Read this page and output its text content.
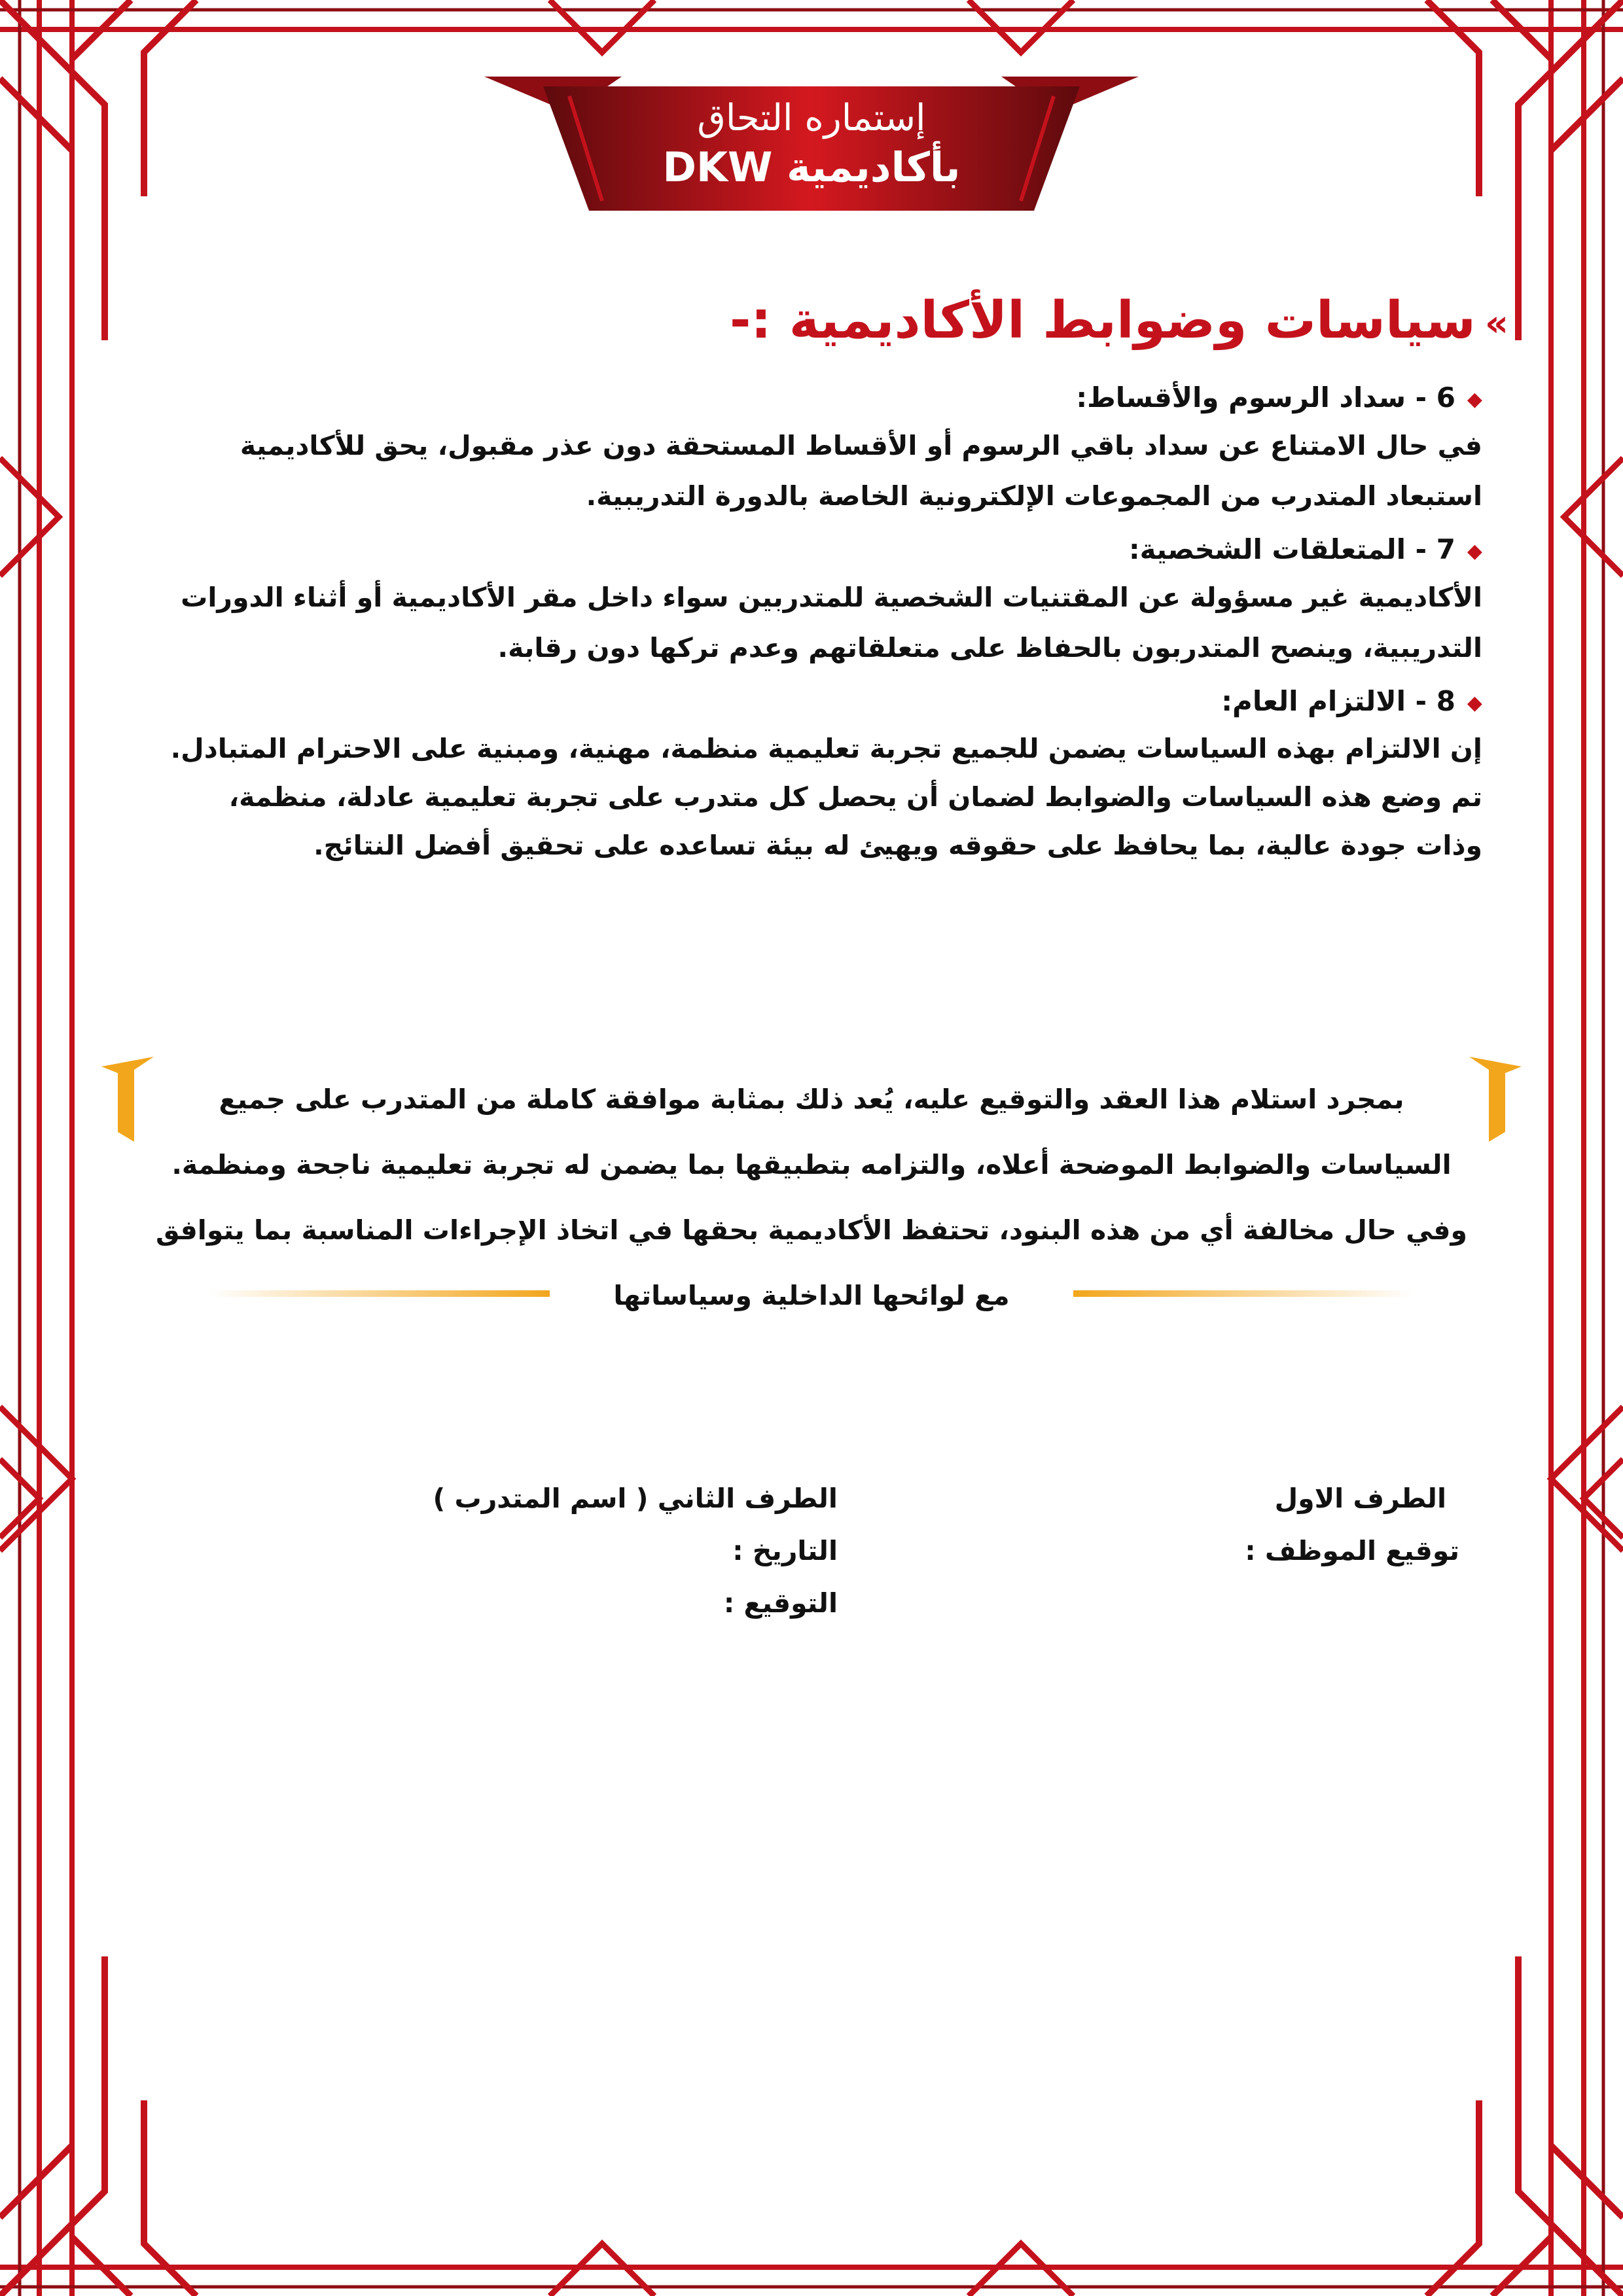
إستماره التحاق
بأكاديمية DKW
»سياسات وضوابط الأكاديمية :-
◆6 - سداد الرسوم والأقساط:

في حال الامتناع عن سداد باقي الرسوم أو الأقساط المستحقة دون عذر مقبول، يحق للأكاديمية

استبعاد المتدرب من المجموعات الإلكترونية الخاصة بالدورة التدريبية.

◆7 - المتعلقات الشخصية:

الأكاديمية غير مسؤولة عن المقتنيات الشخصية للمتدربين سواء داخل مقر الأكاديمية أو أثناء الدورات

التدريبية، وينصح المتدربون بالحفاظ على متعلقاتهم وعدم تركها دون رقابة.

◆8 - الالتزام العام:

إن الالتزام بهذه السياسات يضمن للجميع تجربة تعليمية منظمة، مهنية، ومبنية على الاحترام المتبادل.

تم وضع هذه السياسات والضوابط لضمان أن يحصل كل متدرب على تجربة تعليمية عادلة، منظمة،

وذات جودة عالية، بما يحافظ على حقوقه ويهيئ له بيئة تساعده على تحقيق أفضل النتائج.

بمجرد استلام هذا العقد والتوقيع عليه، يُعد ذلك بمثابة موافقة كاملة من المتدرب على جميع
السياسات والضوابط الموضحة أعلاه، والتزامه بتطبيقها بما يضمن له تجربة تعليمية ناجحة ومنظمة.
وفي حال مخالفة أي من هذه البنود، تحتفظ الأكاديمية بحقها في اتخاذ الإجراءات المناسبة بما يتوافق
مع لوائحها الداخلية وسياساتها
الطرف الاول
توقيع الموظف :
الطرف الثاني ( اسم المتدرب )
التاريخ :
التوقيع :
